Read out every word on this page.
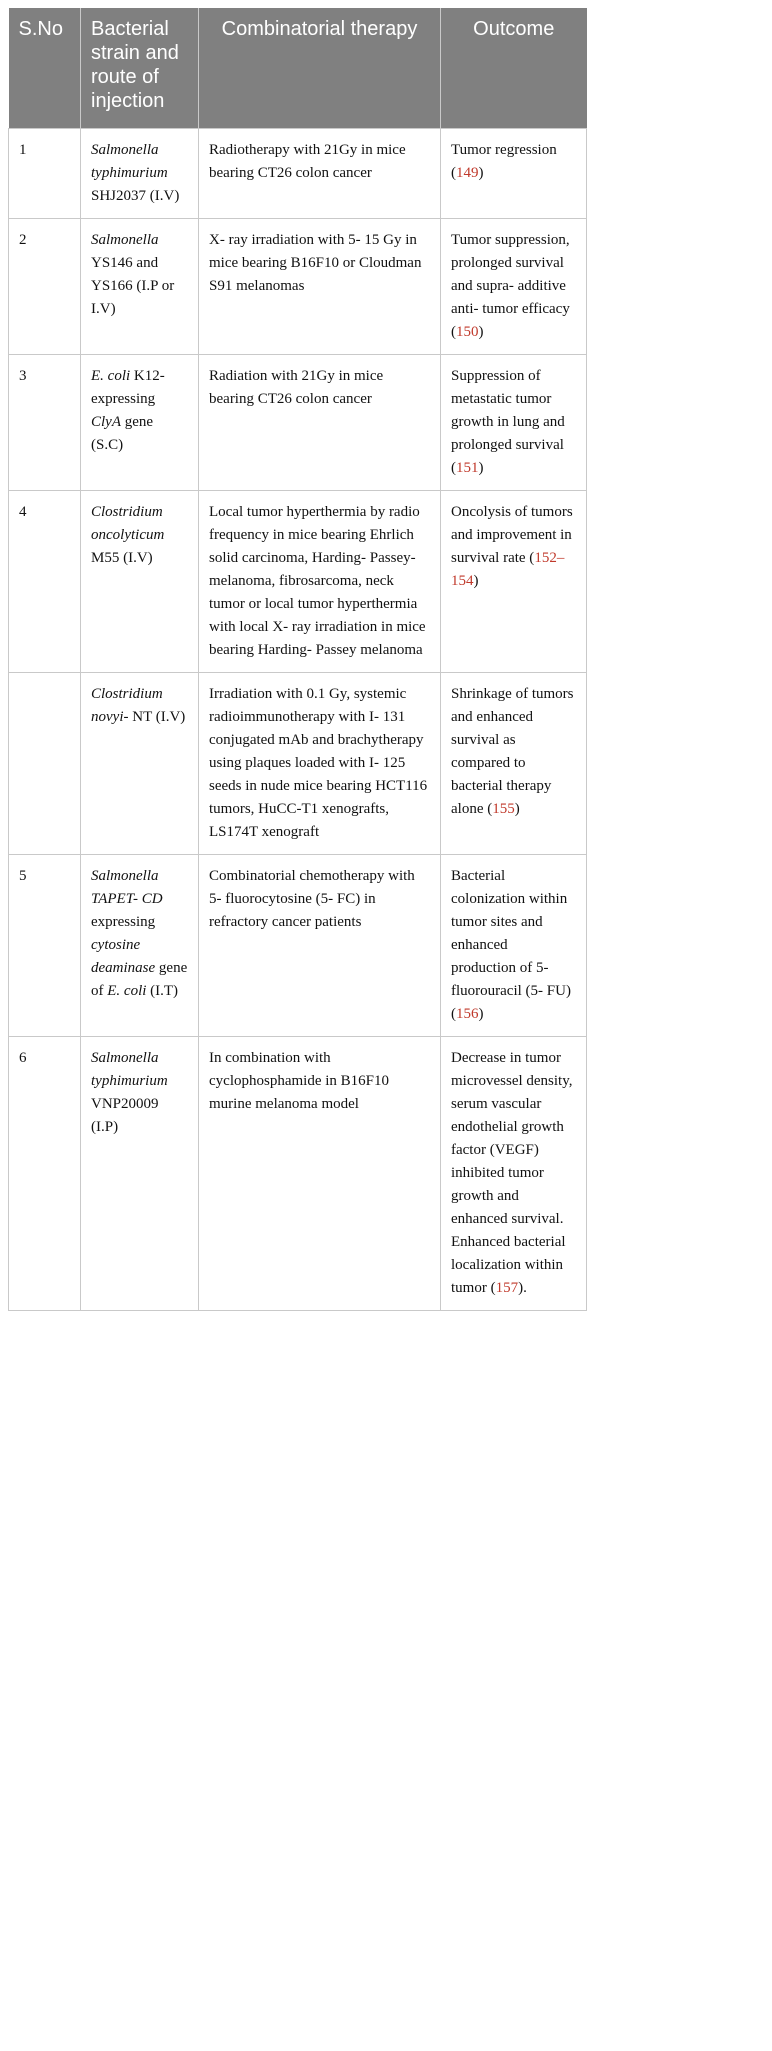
S.No	Bacterial strain and route of injection	Combinatorial therapy	Outcome
1	Salmonella typhimurium SHJ2037 (I.V)	Radiotherapy with 21Gy in mice bearing CT26 colon cancer	Tumor regression (149)
2	Salmonella YS146 and YS166 (I.P or I.V)	X- ray irradiation with 5- 15 Gy in mice bearing B16F10 or Cloudman S91 melanomas	Tumor suppression, prolonged survival and supra- additive anti- tumor efficacy (150)
3	E. coli K12- expressing ClyA gene (S.C)	Radiation with 21Gy in mice bearing CT26 colon cancer	Suppression of metastatic tumor growth in lung and prolonged survival (151)
4	Clostridium oncolyticum M55 (I.V)	Local tumor hyperthermia by radio frequency in mice bearing Ehrlich solid carcinoma, Harding- Passey- melanoma, fibrosarcoma, neck tumor or local tumor hyperthermia with local X- ray irradiation in mice bearing Harding- Passey melanoma	Oncolysis of tumors and improvement in survival rate (152–154)
	Clostridium novyi- NT (I.V)	Irradiation with 0.1 Gy, systemic radioimmunotherapy with I- 131 conjugated mAb and brachytherapy using plaques loaded with I- 125 seeds in nude mice bearing HCT116 tumors, HuCC-T1 xenografts, LS174T xenograft	Shrinkage of tumors and enhanced survival as compared to bacterial therapy alone (155)
5	Salmonella TAPET- CD expressing cytosine deaminase gene of E. coli (I.T)	Combinatorial chemotherapy with 5- fluorocytosine (5- FC) in refractory cancer patients	Bacterial colonization within tumor sites and enhanced production of 5- fluorouracil (5- FU) (156)
6	Salmonella typhimurium VNP20009 (I.P)	In combination with cyclophosphamide in B16F10 murine melanoma model	Decrease in tumor microvessel density, serum vascular endothelial growth factor (VEGF) inhibited tumor growth and enhanced survival. Enhanced bacterial localization within tumor (157).
